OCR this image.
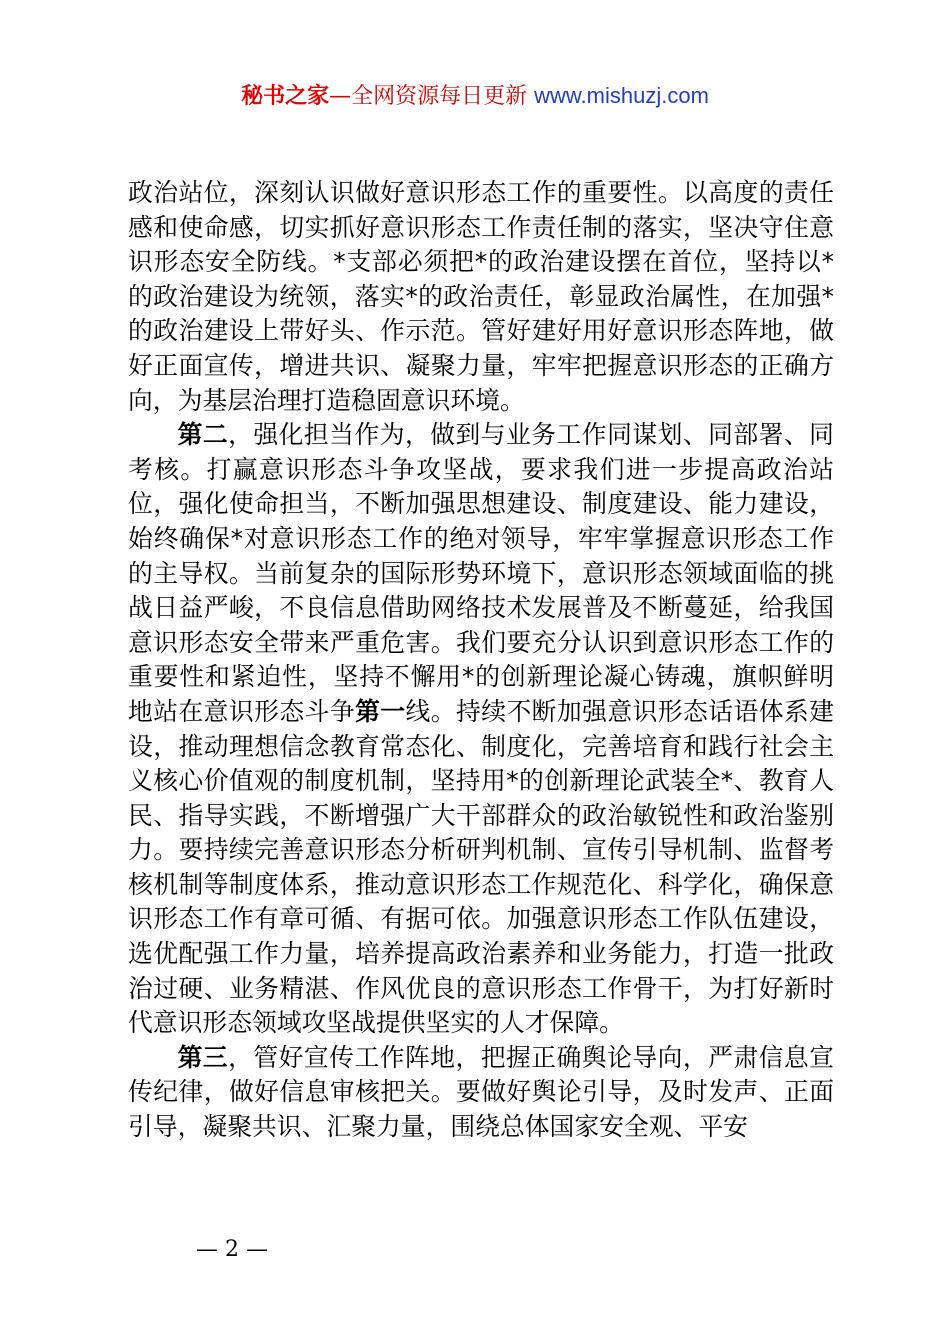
秘书之家—全网资源每日更新 www.mishuzj.com

政治站位，深刻认识做好意识形态工作的重要性。以高度的责任感和使命感，切实抓好意识形态工作责任制的落实，坚决守住意识形态安全防线。*支部必须把*的政治建设摆在首位，坚持以*的政治建设为统领，落实*的政治责任，彰显政治属性，在加强*的政治建设上带好头、作示范。管好建好用好意识形态阵地，做好正面宣传，增进共识、凝聚力量，牢牢把握意识形态的正确方向，为基层治理打造稳固意识环境。

第二，强化担当作为，做到与业务工作同谋划、同部署、同考核。打赢意识形态斗争攻坚战，要求我们进一步提高政治站位，强化使命担当，不断加强思想建设、制度建设、能力建设，始终确保*对意识形态工作的绝对领导，牢牢掌握意识形态工作的主导权。当前复杂的国际形势环境下，意识形态领域面临的挑战日益严峻，不良信息借助网络技术发展普及不断蔓延，给我国意识形态安全带来严重危害。我们要充分认识到意识形态工作的重要性和紧迫性，坚持不懈用*的创新理论凝心铸魂，旗帜鲜明地站在意识形态斗争第一线。持续不断加强意识形态话语体系建设，推动理想信念教育常态化、制度化，完善培育和践行社会主义核心价值观的制度机制，坚持用*的创新理论武装全*、教育人民、指导实践，不断增强广大干部群众的政治敏锐性和政治鉴别力。要持续完善意识形态分析研判机制、宣传引导机制、监督考核机制等制度体系，推动意识形态工作规范化、科学化，确保意识形态工作有章可循、有据可依。加强意识形态工作队伍建设，选优配强工作力量，培养提高政治素养和业务能力，打造一批政治过硬、业务精湛、作风优良的意识形态工作骨干，为打好新时代意识形态领域攻坚战提供坚实的人才保障。

第三，管好宣传工作阵地，把握正确舆论导向，严肃信息宣传纪律，做好信息审核把关。要做好舆论引导，及时发声、正面引导，凝聚共识、汇聚力量，围绕总体国家安全观、平安

— 2 —
